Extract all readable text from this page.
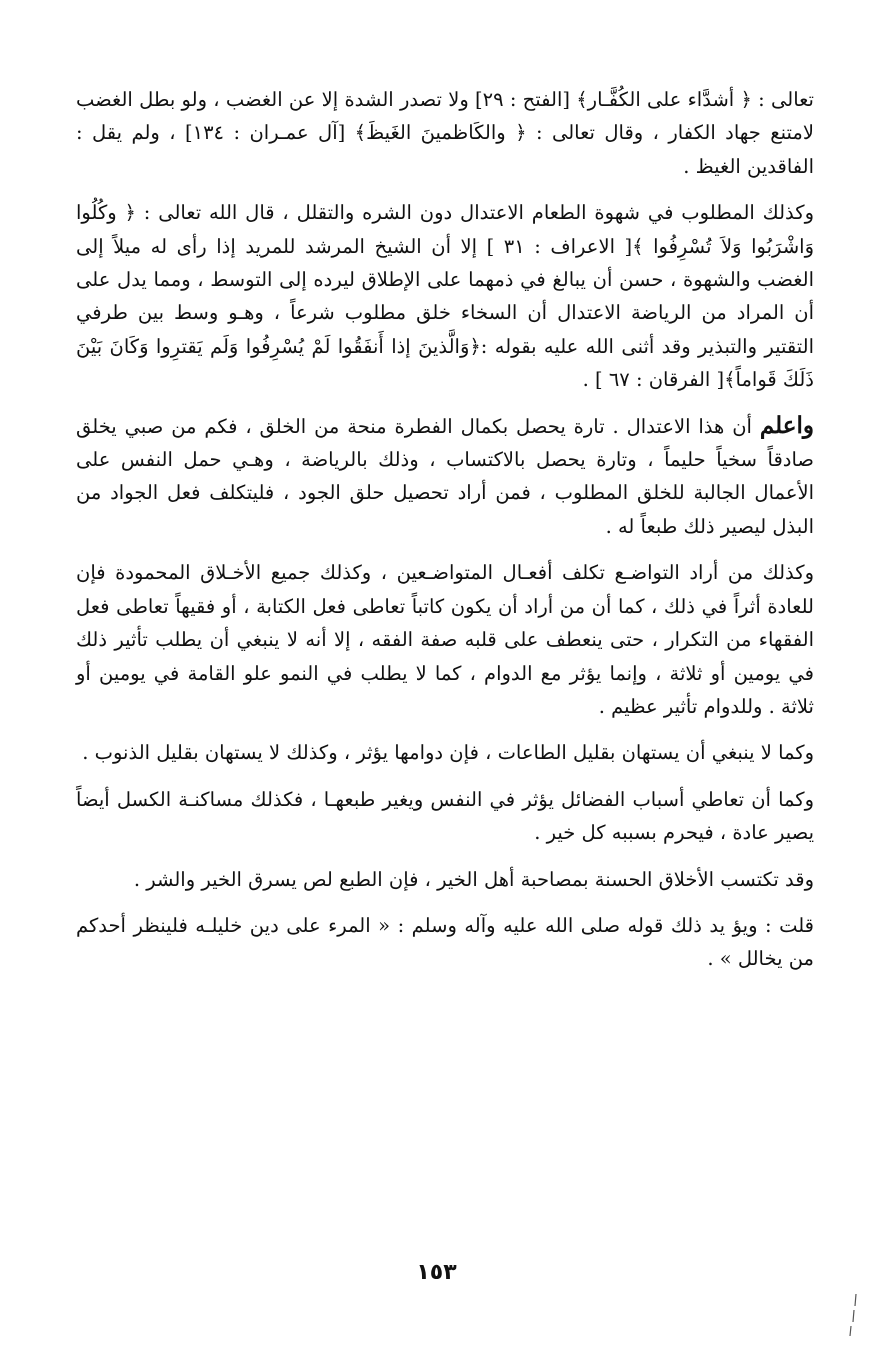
تعالى : ﴿ أشدَّاء على الكُفَّـار﴾ [الفتح : ٢٩] ولا تصدر الشدة إلا عن الغضب ، ولو بطل الغضب لامتنع جهاد الكفار ، وقال تعالى : ﴿ والكَاظمينَ الغَيظَ﴾ [آل عمـران : ١٣٤] ، ولم يقل : الفاقدين الغيظ .

وكذلك المطلوب في شهوة الطعام الاعتدال دون الشره والتقلل ، قال الله تعالى : ﴿ وكُلُوا وَاشْرَبُوا وَلاَ تُسْرِفُوا ﴾[ الاعراف : ٣١ ] إلا أن الشيخ المرشد للمريد إذا رأى له ميلاً إلى الغضب والشهوة ، حسن أن يبالغ في ذمهما على الإطلاق ليرده إلى التوسط ، ومما يدل على أن المراد من الرياضة الاعتدال أن السخاء خلق مطلوب شرعاً ، وهـو وسط بين طرفي التقتير والتبذير وقد أثنى الله عليه بقوله :﴿وَالَّذينَ إذا أَنفَقُوا لَمْ يُسْرِفُوا وَلَم يَقترِوا وَكَانَ بَيْنَ ذَلَكَ قَواماً﴾[ الفرقان : ٦٧ ] .

واعلم أن هذا الاعتدال . تارة يحصل بكمال الفطرة منحة من الخلق ، فكم من صبي يخلق صادقاً سخياً حليماً ، وتارة يحصل بالاكتساب ، وذلك بالرياضة ، وهـي حمل النفس على الأعمال الجالبة للخلق المطلوب ، فمن أراد تحصيل حلق الجود ، فليتكلف فعل الجواد من البذل ليصير ذلك طبعاً له .

وكذلك من أراد التواضـع تكلف أفعـال المتواضـعين ، وكذلك جميع الأخـلاق المحمودة فإن للعادة أثراً في ذلك ، كما أن من أراد أن يكون كاتباً تعاطى فعل الكتابة ، أو فقيهاً تعاطى فعل الفقهاء من التكرار ، حتى ينعطف على قلبه صفة الفقه ، إلا أنه لا ينبغي أن يطلب تأثير ذلك في يومين أو ثلاثة ، وإنما يؤثر مع الدوام ، كما لا يطلب في النمو علو القامة في يومين أو ثلاثة . وللدوام تأثير عظيم .

وكما لا ينبغي أن يستهان بقليل الطاعات ، فإن دوامها يؤثر ، وكذلك لا يستهان بقليل الذنوب .

وكما أن تعاطي أسباب الفضائل يؤثر في النفس ويغير طبعهـا ، فكذلك مساكنـة الكسل أيضاً يصير عادة ، فيحرم بسببه كل خير .

وقد تكتسب الأخلاق الحسنة بمصاحبة أهل الخير ، فإن الطبع لص يسرق الخير والشر .

قلت : ويؤ يد ذلك قوله صلى الله عليه وآله وسلم : « المرء على دين خليلـه فلينظر أحدكم من يخالل » .

١٥٣
